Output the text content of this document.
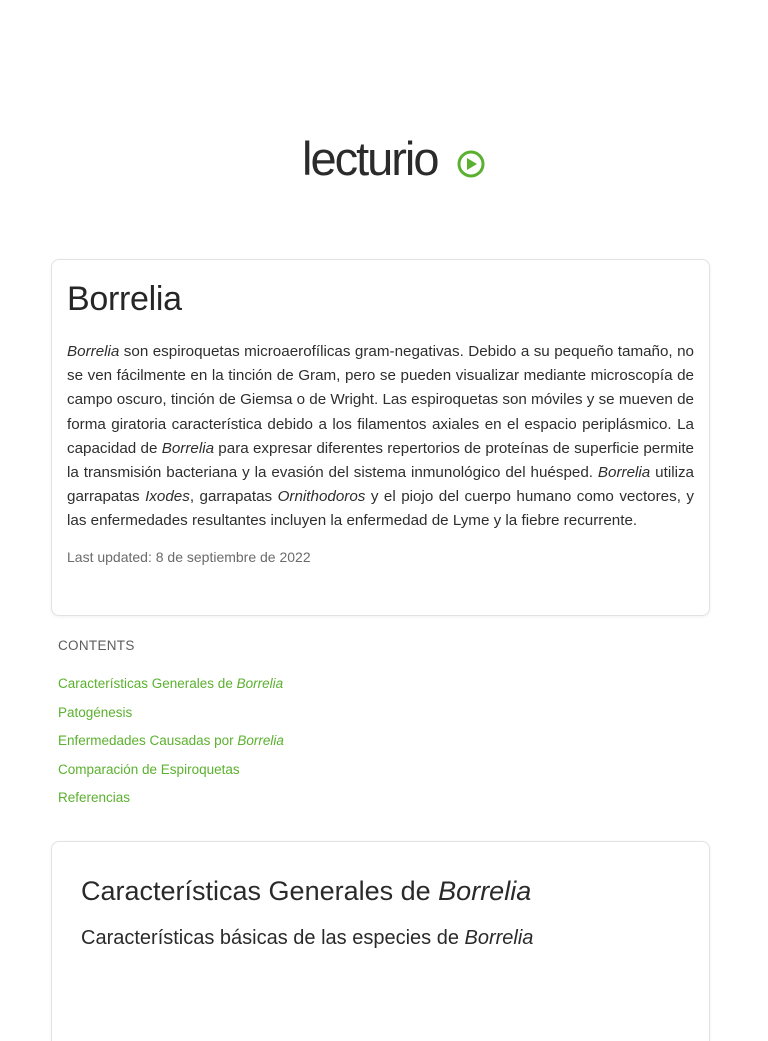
lecturio
Borrelia

Borrelia son espiroquetas microaerofílicas gram-negativas. Debido a su pequeño tamaño, no se ven fácilmente en la tinción de Gram, pero se pueden visualizar mediante microscopía de campo oscuro, tinción de Giemsa o de Wright. Las espiroquetas son móviles y se mueven de forma giratoria característica debido a los filamentos axiales en el espacio periplásmico. La capacidad de Borrelia para expresar diferentes repertorios de proteínas de superficie permite la transmisión bacteriana y la evasión del sistema inmunológico del huésped. Borrelia utiliza garrapatas Ixodes, garrapatas Ornithodoros y el piojo del cuerpo humano como vectores, y las enfermedades resultantes incluyen la enfermedad de Lyme y la fiebre recurrente.

Last updated: 8 de septiembre de 2022
CONTENTS
Características Generales de Borrelia
Patogénesis
Enfermedades Causadas por Borrelia
Comparación de Espiroquetas
Referencias
Características Generales de Borrelia
Características básicas de las especies de Borrelia
